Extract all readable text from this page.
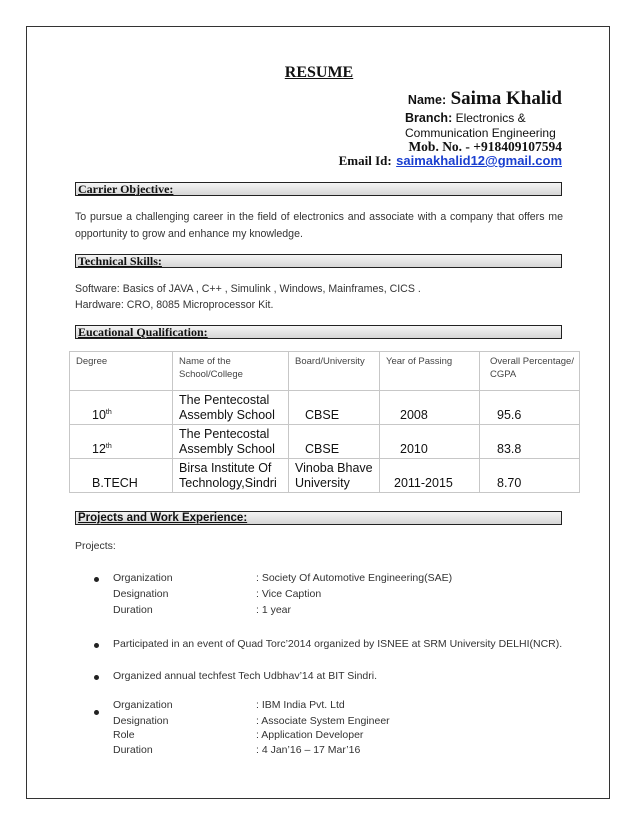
RESUME
Name: Saima Khalid
Branch: Electronics &
Communication Engineering
Mob. No. - +918409107594
Email Id: saimakhalid12@gmail.com
Carrier Objective:
To pursue a challenging career in the field of electronics and associate with a company that offers me opportunity to grow and enhance my knowledge.
Technical Skills:
Software: Basics of JAVA , C++ , Simulink , Windows, Mainframes, CICS .
Hardware: CRO, 8085 Microprocessor Kit.
Eucational Qualification:
Degree	Name of the School/College	Board/University	Year of Passing	Overall Percentage/ CGPA
10th	The Pentecostal Assembly School	CBSE	2008	95.6
12th	The Pentecostal Assembly School	CBSE	2010	83.8
B.TECH	Birsa Institute Of Technology,Sindri	Vinoba Bhave University	2011-2015	8.70
Projects and Work Experience:
Projects:
Organization	: Society Of Automotive Engineering(SAE)
Designation	: Vice Caption
Duration	: 1 year
Participated in an event of Quad Torc’2014 organized by ISNEE at SRM University DELHI(NCR).
Organized annual techfest Tech Udbhav’14 at BIT Sindri.
Organization	: IBM India Pvt. Ltd
Designation	: Associate System Engineer
Role	: Application Developer
Duration	: 4 Jan’16 – 17 Mar’16
